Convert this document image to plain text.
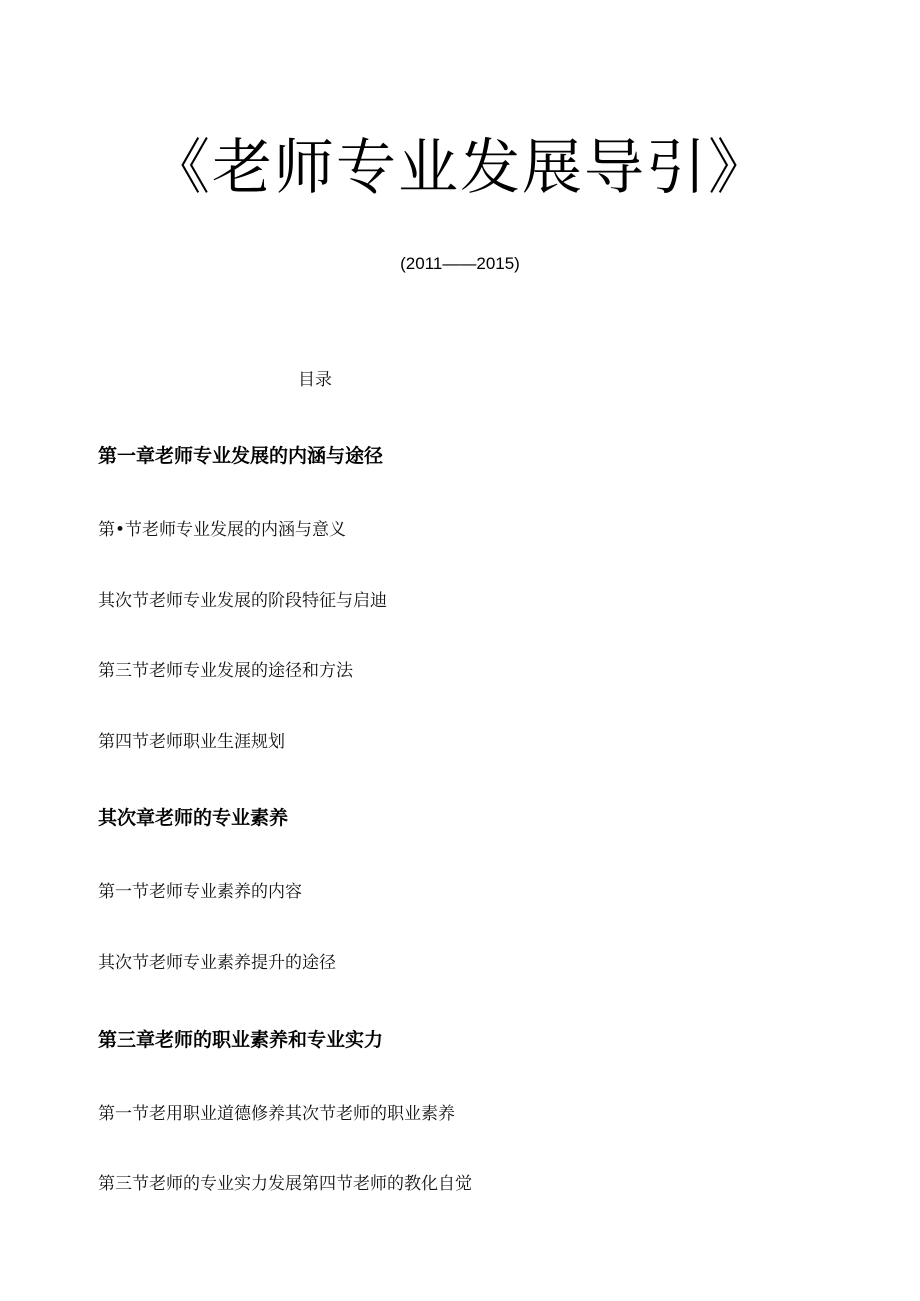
《老师专业发展导引》
(2011——2015)
目录
第一章老师专业发展的内涵与途径
第•节老师专业发展的内涵与意义
其次节老师专业发展的阶段特征与启迪
第三节老师专业发展的途径和方法
第四节老师职业生涯规划
其次章老师的专业素养
第一节老师专业素养的内容
其次节老师专业素养提升的途径
第三章老师的职业素养和专业实力
第一节老用职业道德修养其次节老师的职业素养
第三节老师的专业实力发展第四节老师的教化自觉
